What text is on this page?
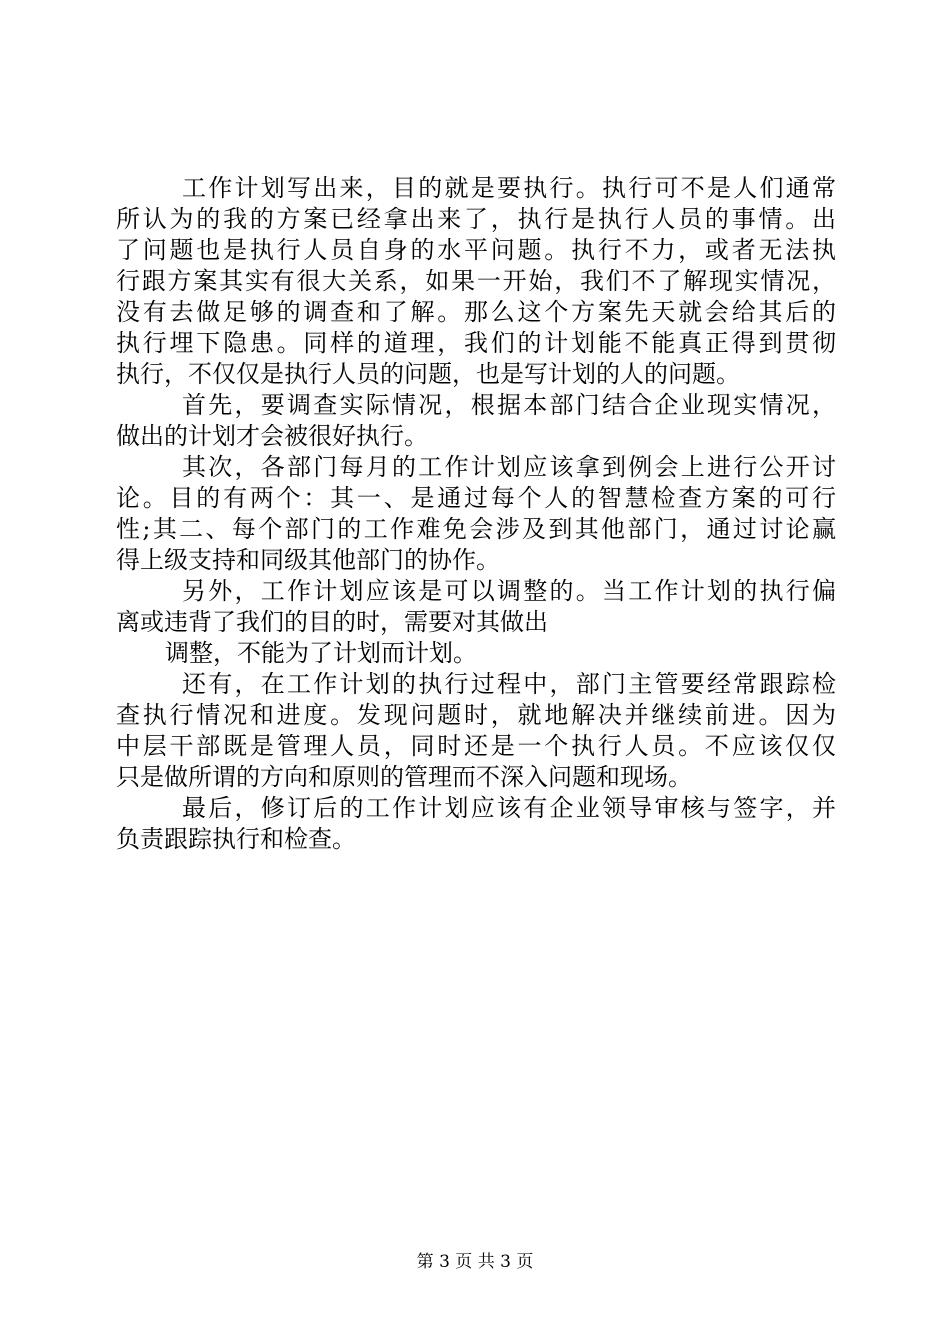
工作计划写出来，目的就是要执行。执行可不是人们通常

所认为的我的方案已经拿出来了，执行是执行人员的事情。出

了问题也是执行人员自身的水平问题。执行不力，或者无法执

行跟方案其实有很大关系，如果一开始，我们不了解现实情况，

没有去做足够的调查和了解。那么这个方案先天就会给其后的

执行埋下隐患。同样的道理，我们的计划能不能真正得到贯彻

执行，不仅仅是执行人员的问题，也是写计划的人的问题。

首先，要调查实际情况，根据本部门结合企业现实情况，

做出的计划才会被很好执行。

其次，各部门每月的工作计划应该拿到例会上进行公开讨

论。目的有两个：其一、是通过每个人的智慧检查方案的可行

性;其二、每个部门的工作难免会涉及到其他部门，通过讨论赢

得上级支持和同级其他部门的协作。

另外，工作计划应该是可以调整的。当工作计划的执行偏

离或违背了我们的目的时，需要对其做出

调整，不能为了计划而计划。

还有，在工作计划的执行过程中，部门主管要经常跟踪检

查执行情况和进度。发现问题时，就地解决并继续前进。因为

中层干部既是管理人员，同时还是一个执行人员。不应该仅仅

只是做所谓的方向和原则的管理而不深入问题和现场。

最后，修订后的工作计划应该有企业领导审核与签字，并

负责跟踪执行和检查。

第 3 页 共 3 页
